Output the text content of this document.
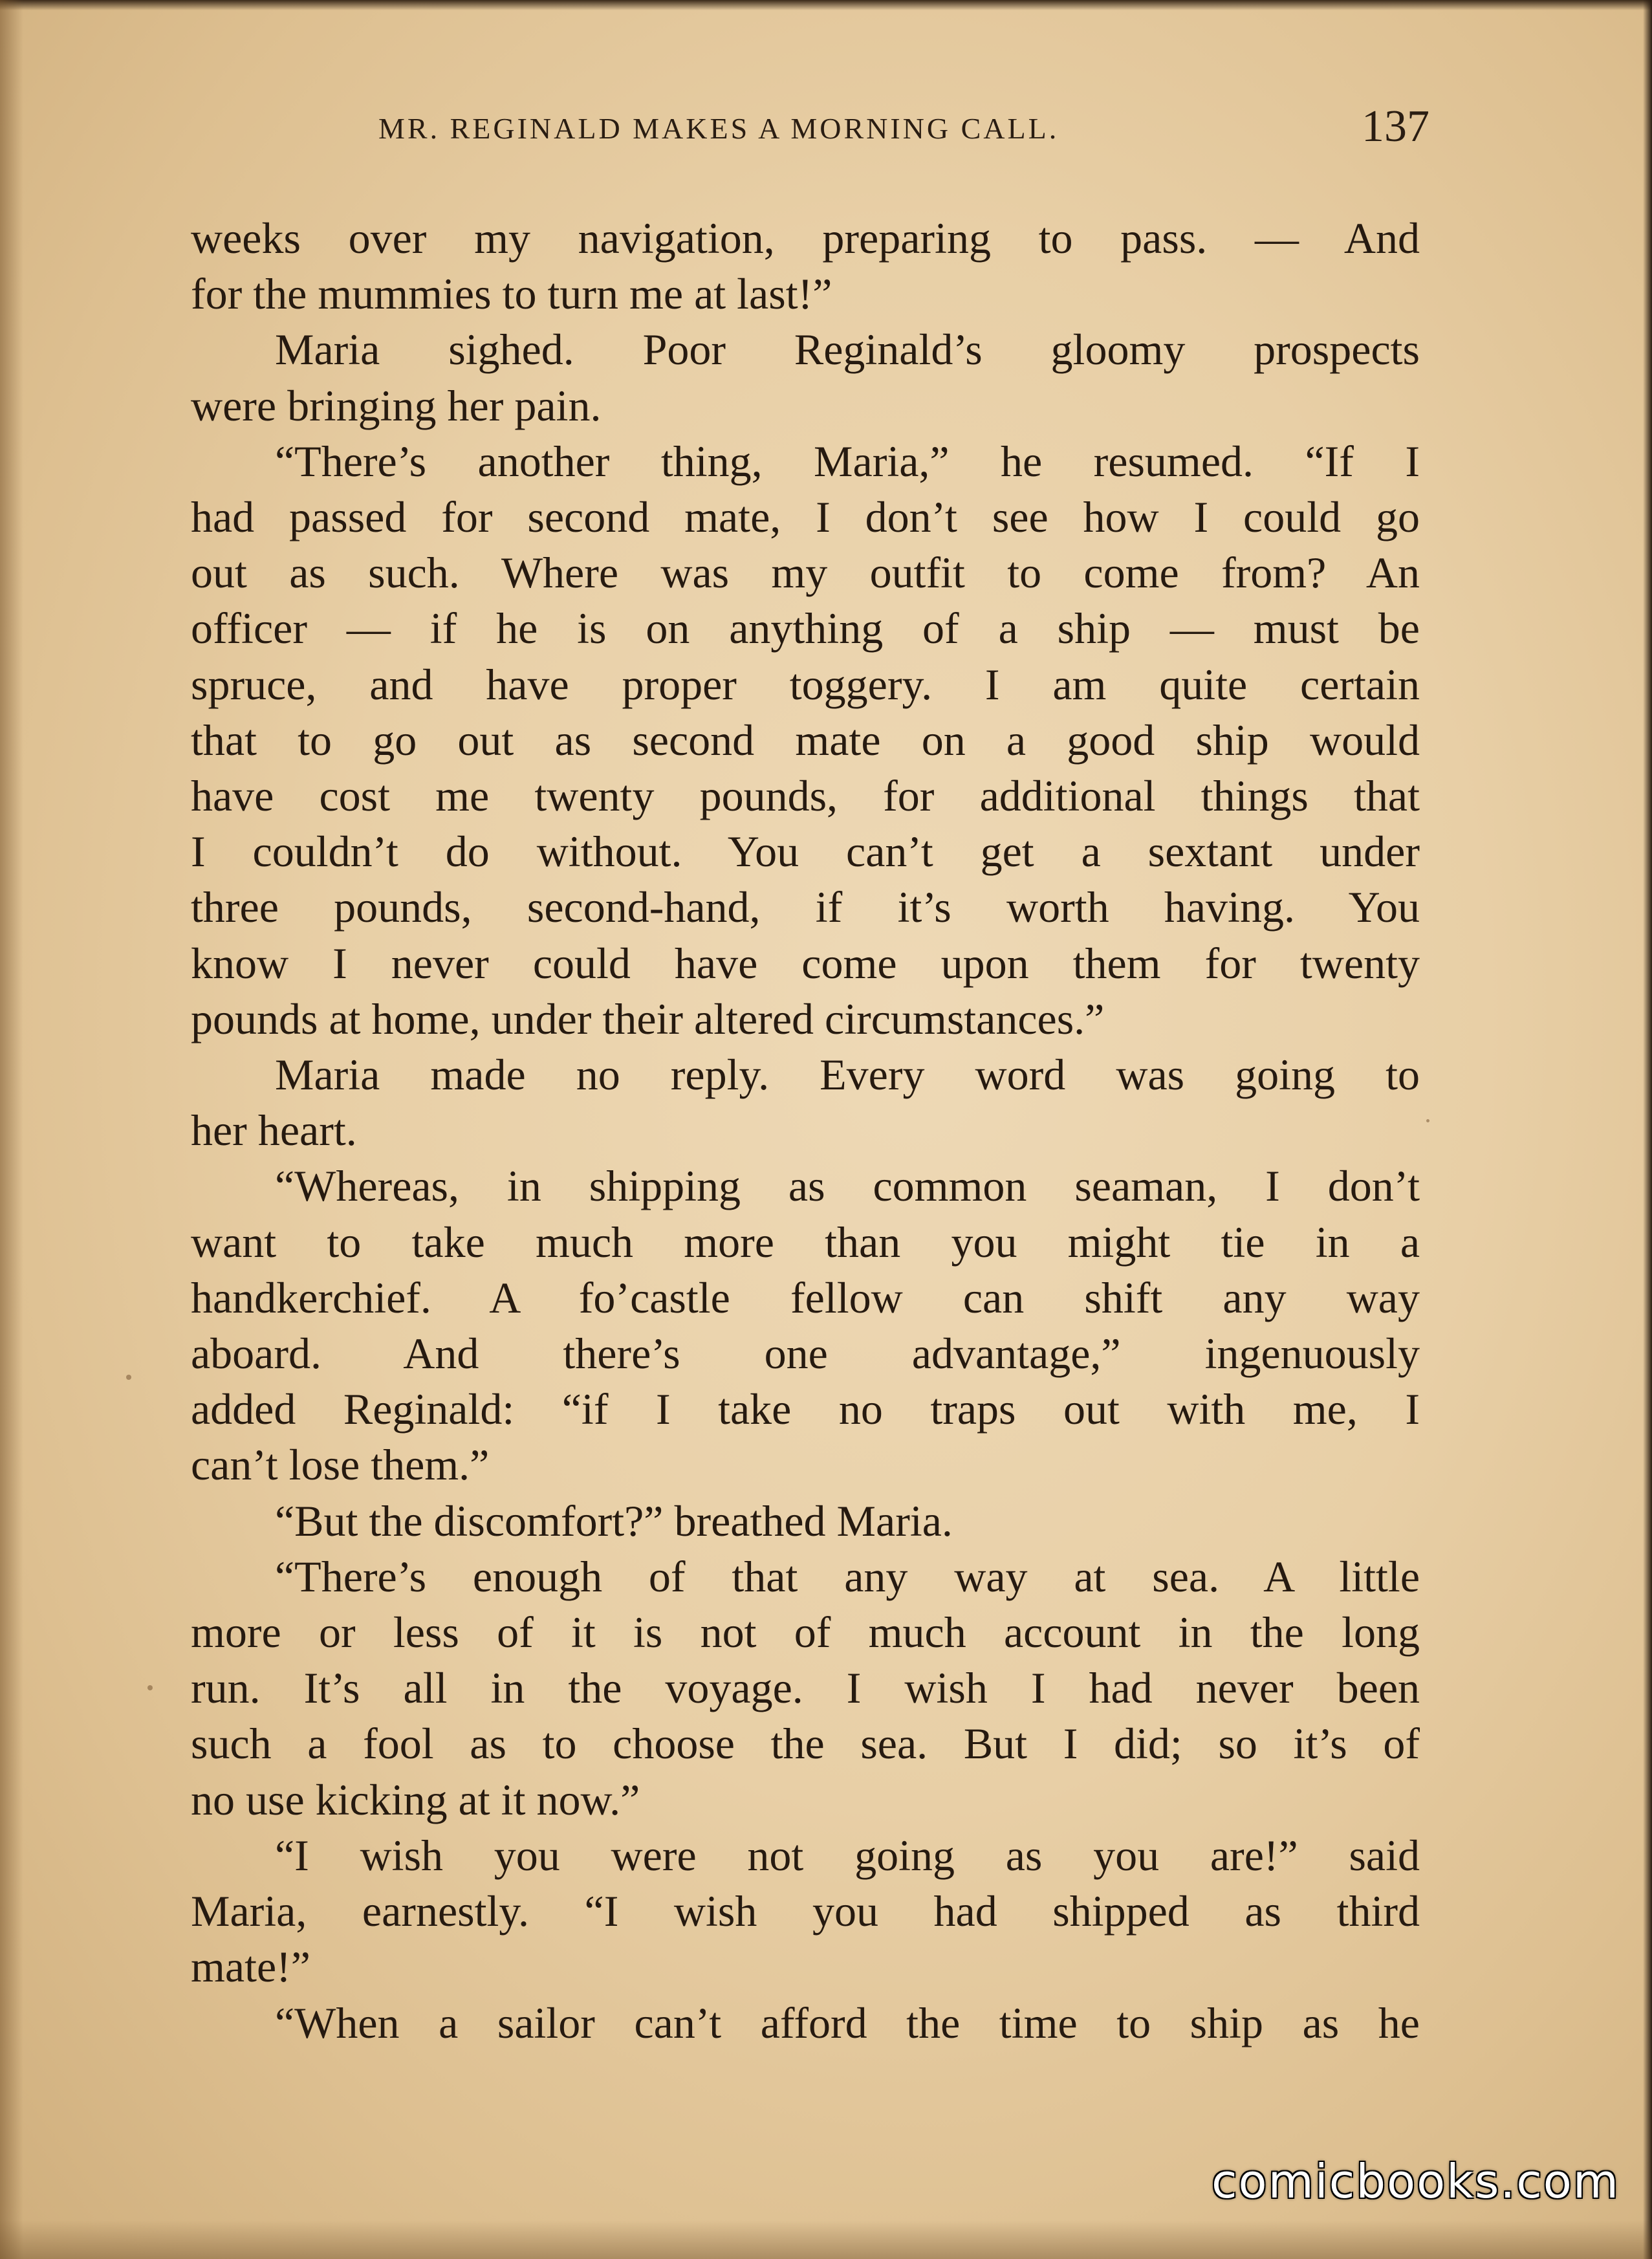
MR. REGINALD MAKES A MORNING CALL.	137

weeks over my navigation, preparing to pass. — And

for the mummies to turn me at last!”

Maria sighed. Poor Reginald’s gloomy prospects

were bringing her pain.

“There’s another thing, Maria,” he resumed. “If I

had passed for second mate, I don’t see how I could go

out as such. Where was my outfit to come from? An

officer — if he is on anything of a ship — must be

spruce, and have proper toggery. I am quite certain

that to go out as second mate on a good ship would

have cost me twenty pounds, for additional things that

I couldn’t do without. You can’t get a sextant under

three pounds, second-hand, if it’s worth having. You

know I never could have come upon them for twenty

pounds at home, under their altered circumstances.”

Maria made no reply. Every word was going to

her heart.

“Whereas, in shipping as common seaman, I don’t

want to take much more than you might tie in a

handkerchief. A fo’castle fellow can shift any way

aboard. And there’s one advantage,” ingenuously

added Reginald: “if I take no traps out with me, I

can’t lose them.”

“But the discomfort?” breathed Maria.

“There’s enough of that any way at sea. A little

more or less of it is not of much account in the long

run. It’s all in the voyage. I wish I had never been

such a fool as to choose the sea. But I did; so it’s of

no use kicking at it now.”

“I wish you were not going as you are!” said

Maria, earnestly. “I wish you had shipped as third

mate!”

“When a sailor can’t afford the time to ship as he

comicbooks.com
